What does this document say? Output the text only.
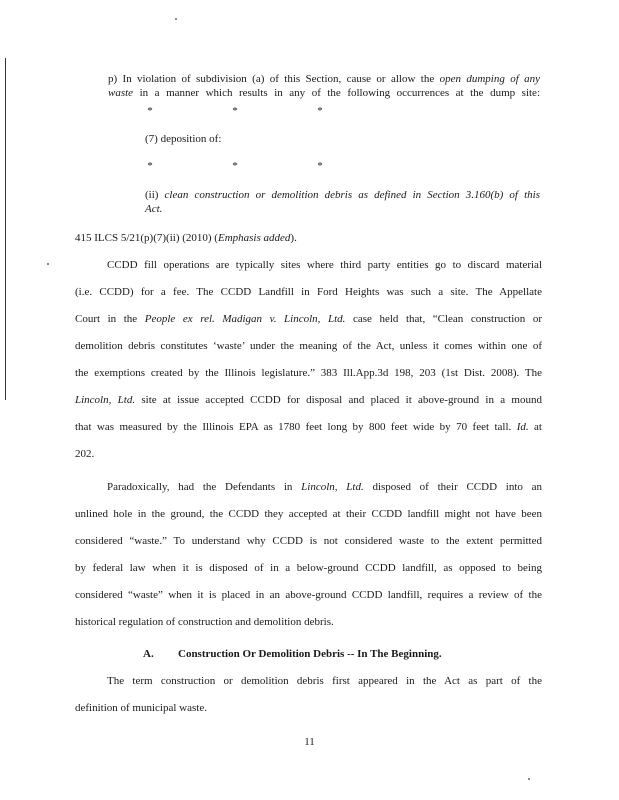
p) In violation of subdivision (a) of this Section, cause or allow the open dumping of any
waste in a manner which results in any of the following occurrences at the dump site:
*	*	*
(7) deposition of:
*	*	*
(ii) clean construction or demolition debris as defined in Section 3.160(b) of this
Act.
415 ILCS 5/21(p)(7)(ii) (2010) (Emphasis added).
CCDD fill operations are typically sites where third party entities go to discard material
(i.e. CCDD) for a fee. The CCDD Landfill in Ford Heights was such a site. The Appellate
Court in the People ex rel. Madigan v. Lincoln, Ltd. case held that, “Clean construction or
demolition debris constitutes ‘waste’ under the meaning of the Act, unless it comes within one of
the exemptions created by the Illinois legislature.” 383 Ill.App.3d 198, 203 (1st Dist. 2008). The
Lincoln, Ltd. site at issue accepted CCDD for disposal and placed it above-ground in a mound
that was measured by the Illinois EPA as 1780 feet long by 800 feet wide by 70 feet tall. Id. at
202.
Paradoxically, had the Defendants in Lincoln, Ltd. disposed of their CCDD into an
unlined hole in the ground, the CCDD they accepted at their CCDD landfill might not have been
considered “waste.” To understand why CCDD is not considered waste to the extent permitted
by federal law when it is disposed of in a below-ground CCDD landfill, as opposed to being
considered “waste” when it is placed in an above-ground CCDD landfill, requires a review of the
historical regulation of construction and demolition debris.
A. Construction Or Demolition Debris -- In The Beginning.
The term construction or demolition debris first appeared in the Act as part of the
definition of municipal waste.
11
